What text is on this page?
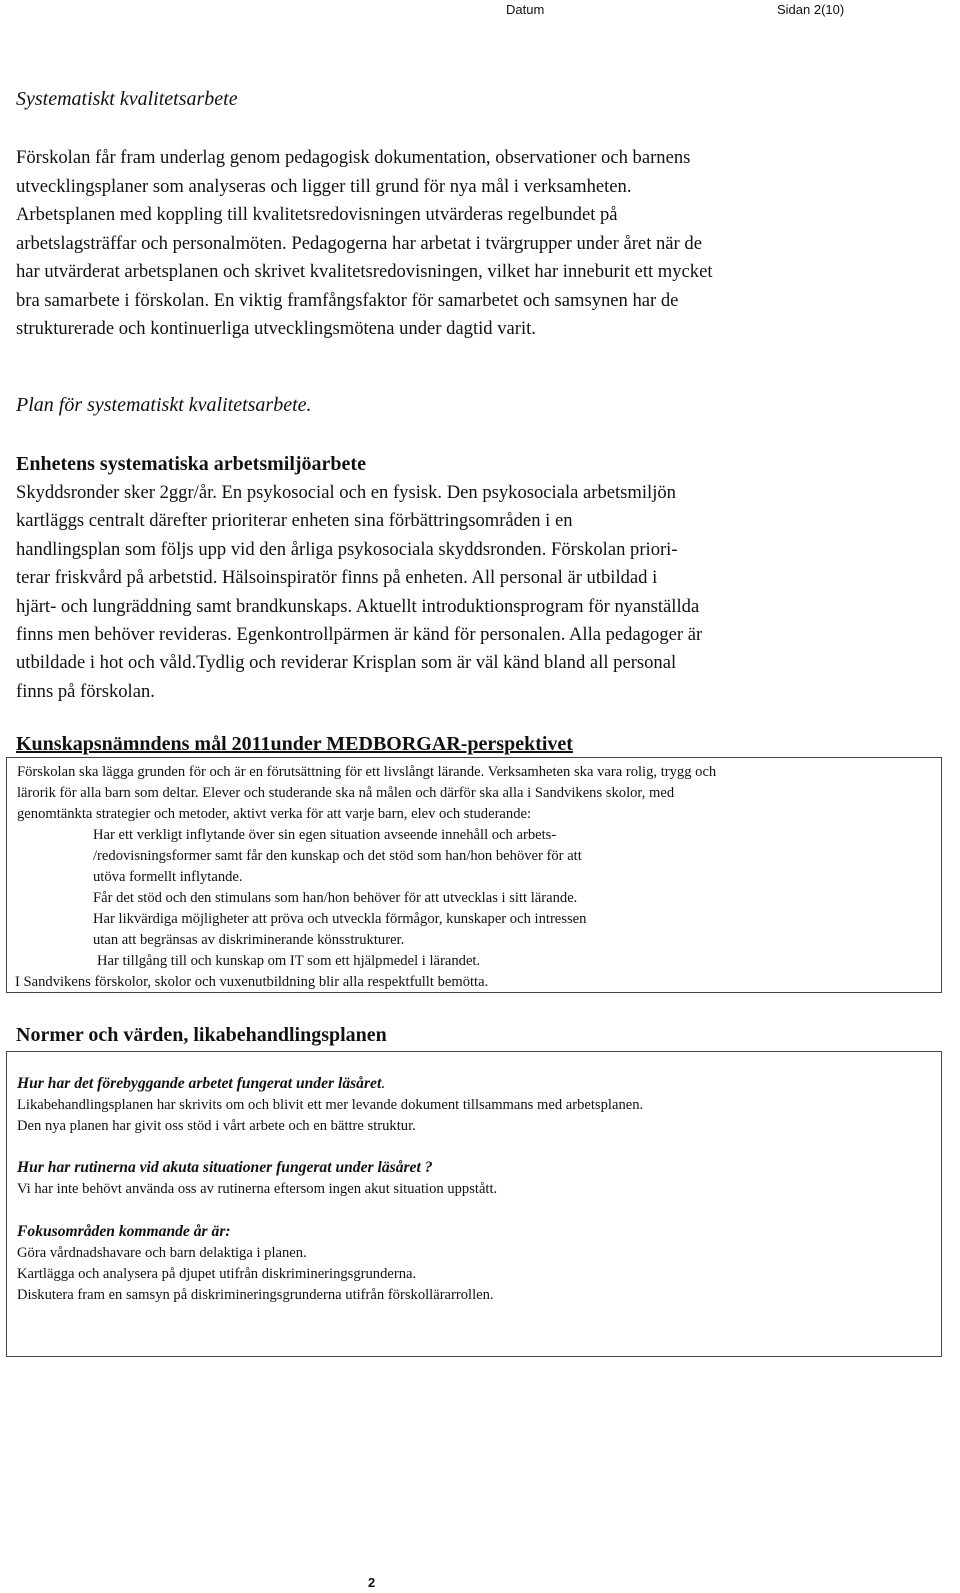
Datum	Sidan 2(10)
Systematiskt kvalitetsarbete

Förskolan får fram underlag genom pedagogisk dokumentation, observationer och barnens

utvecklingsplaner som analyseras och ligger till grund för nya mål i verksamheten.

Arbetsplanen med koppling till kvalitetsredovisningen utvärderas regelbundet på

arbetslagsträffar och personalmöten. Pedagogerna har arbetat i tvärgrupper under året när de

har utvärderat arbetsplanen och skrivet kvalitetsredovisningen, vilket har inneburit ett mycket

bra samarbete i förskolan. En viktig framfångsfaktor för samarbetet och samsynen har de

strukturerade och kontinuerliga utvecklingsmötena under dagtid varit.

Plan för systematiskt kvalitetsarbete.
Enhetens systematiska arbetsmiljöarbete

Skyddsronder sker 2ggr/år. En psykosocial och en fysisk. Den psykosociala arbetsmiljön

kartläggs centralt därefter prioriterar enheten sina förbättringsområden i en

handlingsplan som följs upp vid den årliga psykosociala skyddsronden. Förskolan priori-

terar friskvård på arbetstid. Hälsoinspiratör finns på enheten. All personal är utbildad i

hjärt- och lungräddning samt brandkunskaps. Aktuellt introduktionsprogram för nyanställda

finns men behöver revideras. Egenkontrollpärmen är känd för personalen. Alla pedagoger är

utbildade i hot och våld.Tydlig och reviderar Krisplan som är väl känd bland all personal

finns på förskolan.

Kunskapsnämndens mål 2011under MEDBORGAR-perspektivet

Förskolan ska lägga grunden för och är en förutsättning för ett livslångt lärande. Verksamheten ska vara rolig, trygg och

lärorik för alla barn som deltar. Elever och studerande ska nå målen och därför ska alla i Sandvikens skolor, med

genomtänkta strategier och metoder, aktivt verka för att varje barn, elev och studerande:

Har ett verkligt inflytande över sin egen situation avseende innehåll och arbets-

/redovisningsformer samt får den kunskap och det stöd som han/hon behöver för att

utöva formellt inflytande.

Får det stöd och den stimulans som han/hon behöver för att utvecklas i sitt lärande.

Har likvärdiga möjligheter att pröva och utveckla förmågor, kunskaper och intressen

utan att begränsas av diskriminerande könsstrukturer.

Har tillgång till och kunskap om IT som ett hjälpmedel i lärandet.

I Sandvikens förskolor, skolor och vuxenutbildning blir alla respektfullt bemötta.

Normer och värden, likabehandlingsplanen

Hur har det förebyggande arbetet fungerat under läsåret.

Likabehandlingsplanen har skrivits om och blivit ett mer levande dokument tillsammans med arbetsplanen.

Den nya planen har givit oss stöd i vårt arbete och en bättre struktur.

Hur har rutinerna vid akuta situationer fungerat under läsåret ?

Vi har inte behövt använda oss av rutinerna eftersom ingen akut situation uppstått.

Fokusområden kommande år är:

Göra vårdnadshavare och barn delaktiga i planen.

Kartlägga och analysera på djupet utifrån diskrimineringsgrunderna.

Diskutera fram en samsyn på diskrimineringsgrunderna utifrån förskollärarrollen.

2
